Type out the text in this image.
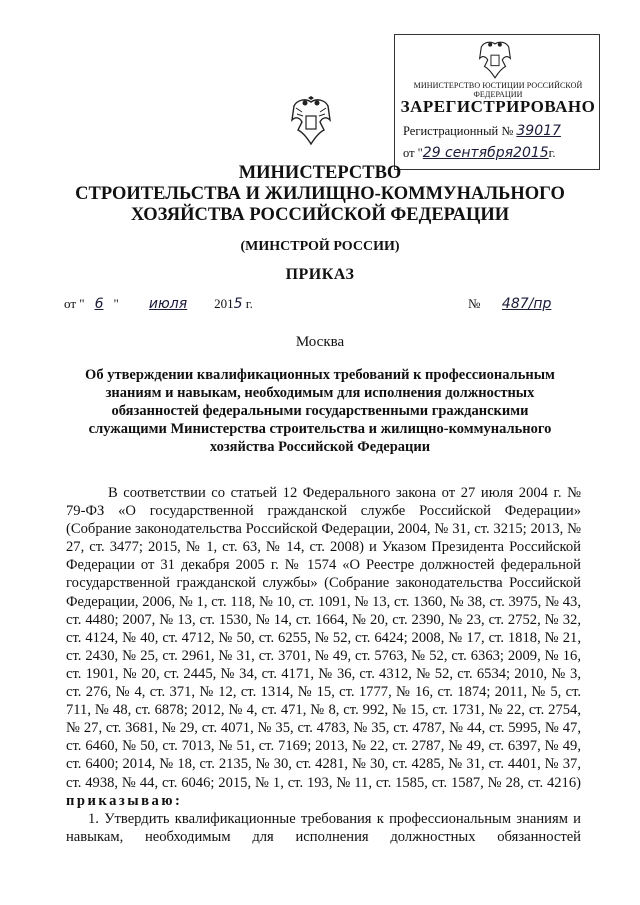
МИНИСТЕРСТВО ЮСТИЦИИ РОССИЙСКОЙ ФЕДЕРАЦИИ
ЗАРЕГИСТРИРОВАНО
Регистрационный № 39017
от "29 сентября2015г.
МИНИСТЕРСТВО
СТРОИТЕЛЬСТВА И ЖИЛИЩНО-КОММУНАЛЬНОГО
ХОЗЯЙСТВА РОССИЙСКОЙ ФЕДЕРАЦИИ
(МИНСТРОЙ РОССИИ)
ПРИКАЗ
от " 6 " июля 2015 г.	№ 487/пр
Москва
Об утверждении квалификационных требований к профессиональным
знаниям и навыкам, необходимым для исполнения должностных
обязанностей федеральными государственными гражданскими
служащими Министерства строительства и жилищно-коммунального
хозяйства Российской Федерации

В соответствии со статьей 12 Федерального закона от 27 июля 2004 г. № 79-ФЗ «О государственной гражданской службе Российской Федерации» (Собрание законодательства Российской Федерации, 2004, № 31, ст. 3215; 2013, № 27, ст. 3477; 2015, № 1, ст. 63, № 14, ст. 2008) и Указом Президента Российской Федерации от 31 декабря 2005 г. № 1574 «О Реестре должностей федеральной государственной гражданской службы» (Собрание законодательства Российской Федерации, 2006, № 1, ст. 118, № 10, ст. 1091, № 13, ст. 1360, № 38, ст. 3975, № 43, ст. 4480; 2007, № 13, ст. 1530, № 14, ст. 1664, № 20, ст. 2390, № 23, ст. 2752, № 32, ст. 4124, № 40, ст. 4712, № 50, ст. 6255, № 52, ст. 6424; 2008, № 17, ст. 1818, № 21, ст. 2430, № 25, ст. 2961, № 31, ст. 3701, № 49, ст. 5763, № 52, ст. 6363; 2009, № 16, ст. 1901, № 20, ст. 2445, № 34, ст. 4171, № 36, ст. 4312, № 52, ст. 6534; 2010, № 3, ст. 276, № 4, ст. 371, № 12, ст. 1314, № 15, ст. 1777, № 16, ст. 1874; 2011, № 5, ст. 711, № 48, ст. 6878; 2012, № 4, ст. 471, № 8, ст. 992, № 15, ст. 1731, № 22, ст. 2754, № 27, ст. 3681, № 29, ст. 4071, № 35, ст. 4783, № 35, ст. 4787, № 44, ст. 5995, № 47, ст. 6460, № 50, ст. 7013, № 51, ст. 7169; 2013, № 22, ст. 2787, № 49, ст. 6397, № 49, ст. 6400; 2014, № 18, ст. 2135, № 30, ст. 4281, № 30, ст. 4285, № 31, ст. 4401, № 37, ст. 4938, № 44, ст. 6046; 2015, № 1, ст. 193, № 11, ст. 1585, ст. 1587, № 28, ст. 4216) приказываю:

1. Утвердить квалификационные требования к профессиональным знаниям и навыкам, необходимым для исполнения должностных обязанностей
